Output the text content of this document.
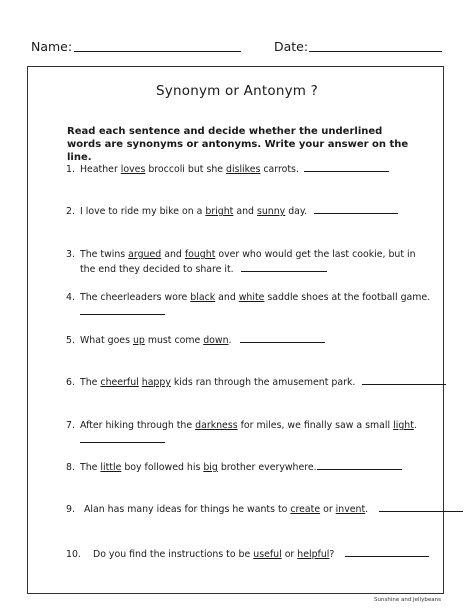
Name:	Date:
Synonym or Antonym ?
Read each sentence and decide whether the underlined words are synonyms or antonyms. Write your answer on the line.
1. Heather loves broccoli but she dislikes carrots.
2. I love to ride my bike on a bright and sunny day.
3. The twins argued and fought over who would get the last cookie, but in
the end they decided to share it.
4. The cheerleaders wore black and white saddle shoes at the football game.

5. What goes up must come down.
6. The cheerful happy kids ran through the amusement park.
7. After hiking through the darkness for miles, we finally saw a small light.

8. The little boy followed his big brother everywhere.
9. Alan has many ideas for things he wants to create or invent.
10. Do you find the instructions to be useful or helpful?
Sunshine and Jellybeans
